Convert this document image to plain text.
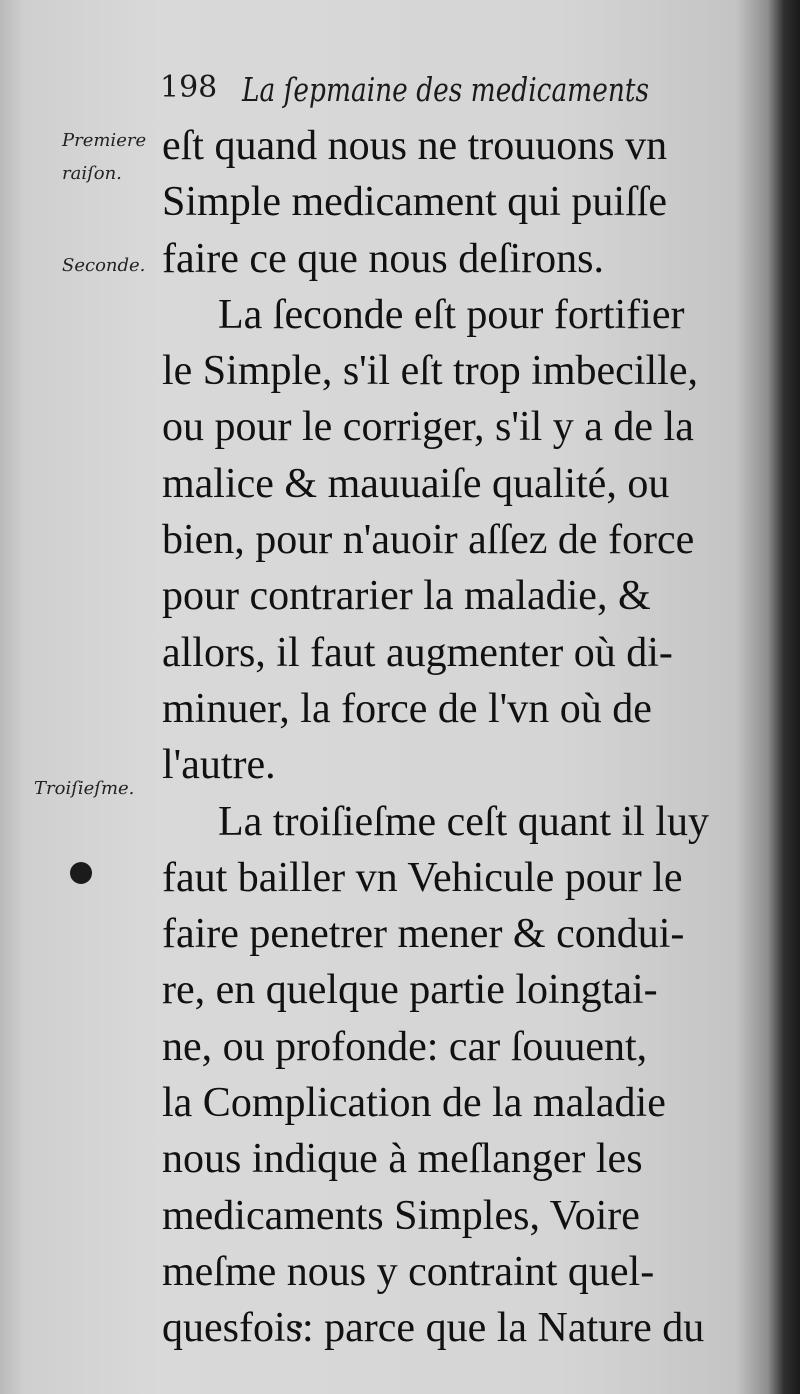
198 La ſepmaine des medicaments
Premiere
raiſon.
Seconde.
Troiſieſme.
eſt quand nous ne trouuons vn
Simple medicament qui puiſſe
faire ce que nous deſirons.
La ſeconde eſt pour fortifier
le Simple, s'il eſt trop imbecille,
ou pour le corriger, s'il y a de la
malice & mauuaiſe qualité, ou
bien, pour n'auoir aſſez de force
pour contrarier la maladie, &
allors, il faut augmenter où di-
minuer, la force de l'vn où de
l'autre.
La troiſieſme ceſt quant il luy
faut bailler vn Vehicule pour le
faire penetrer mener & condui-
re, en quelque partie loingtai-
ne, ou profonde: car ſouuent,
la Complication de la maladie
nous indique à meſlanger les
medicaments Simples, Voire
meſme nous y contraint quel-
quesfois: parce que la Nature du
